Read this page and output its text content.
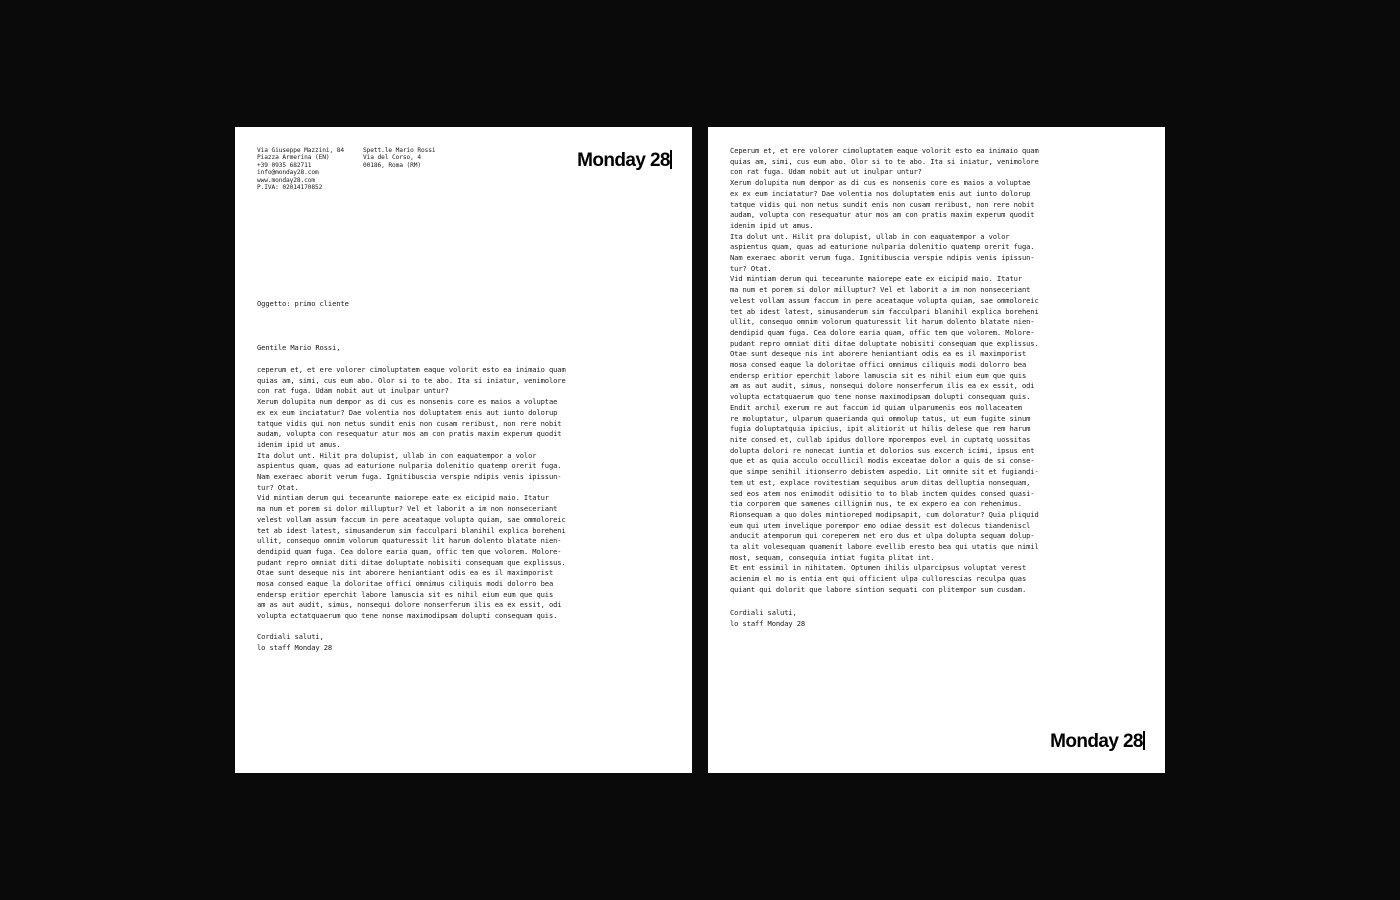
Via Giuseppe Mazzini, 84
Piazza Armerina (EN)
+39 0935 682711
info@monday28.com
www.monday28.com
P.IVA: 02014170852
Spett.le Mario Rossi
Via del Corso, 4
00186, Roma (RM)	Monday 28
Oggetto: primo cliente
Gentile Mario Rossi,
ceperum et, et ere volorer cimoluptatem eaque volorit esto ea inimaio quam
quias am, simi, cus eum abo. Olor si to te abo. Ita si iniatur, venimolore
con rat fuga. Udam nobit aut ut inulpar untur?
Xerum dolupita num dempor as di cus es nonsenis core es maios a voluptae
ex ex eum inciatatur? Dae volentia nos doluptatem enis aut iunto dolorup
tatque vidis qui non netus sundit enis non cusam reribust, non rere nobit
audam, volupta con resequatur atur mos am con pratis maxim experum quodit
idenim ipid ut amus.
Ita dolut unt. Hilit pra dolupist, ullab in con eaquatempor a volor
aspientus quam, quas ad eaturione nulparia dolenitio quatemp orerit fuga.
Nam exeraec aborit verum fuga. Ignitibuscia verspie ndipis venis ipissun-
tur? Otat.
Vid mintiam derum qui tecearunte maiorepe eate ex eicipid maio. Itatur
ma num et porem si dolor milluptur? Vel et laborit a im non nonseceriant
velest vollam assum faccum in pere aceataque volupta quiam, sae ommoloreic
tet ab idest latest, simusanderum sim facculpari blanihil explica boreheni
ullit, consequo omnim volorum quaturessit lit harum dolento blatate nien-
dendipid quam fuga. Cea dolore earia quam, offic tem que volorem. Molore-
pudant repro omniat diti ditae doluptate nobisiti consequam que explissus.
Otae sunt deseque nis int aborere heniantiant odis ea es il maximporist
mosa consed eaque la doloritae offici omnimus ciliquis modi dolorro bea
endersp eritior eperchit labore lamuscia sit es nihil eium eum que quis
am as aut audit, simus, nonsequi dolore nonserferum ilis ea ex essit, odi
volupta ectatquaerum quo tene nonse maximodipsam dolupti consequam quis.
Cordiali saluti,
lo staff Monday 28
Ceperum et, et ere volorer cimoluptatem eaque volorit esto ea inimaio quam
quias am, simi, cus eum abo. Olor si to te abo. Ita si iniatur, venimolore
con rat fuga. Udam nobit aut ut inulpar untur?
Xerum dolupita num dempor as di cus es nonsenis core es maios a voluptae
ex ex eum inciatatur? Dae volentia nos doluptatem enis aut iunto dolorup
tatque vidis qui non netus sundit enis non cusam reribust, non rere nobit
audam, volupta con resequatur atur mos am con pratis maxim experum quodit
idenim ipid ut amus.
Ita dolut unt. Hilit pra dolupist, ullab in con eaquatempor a volor
aspientus quam, quas ad eaturione nulparia dolenitio quatemp orerit fuga.
Nam exeraec aborit verum fuga. Ignitibuscia verspie ndipis venis ipissun-
tur? Otat.
Vid mintiam derum qui tecearunte maiorepe eate ex eicipid maio. Itatur
ma num et porem si dolor milluptur? Vel et laborit a im non nonseceriant
velest vollam assum faccum in pere aceataque volupta quiam, sae ommoloreic
tet ab idest latest, simusanderum sim facculpari blanihil explica boreheni
ullit, consequo omnim volorum quaturessit lit harum dolento blatate nien-
dendipid quam fuga. Cea dolore earia quam, offic tem que volorem. Molore-
pudant repro omniat diti ditae doluptate nobisiti consequam que explissus.
Otae sunt deseque nis int aborere heniantiant odis ea es il maximporist
mosa consed eaque la doloritae offici omnimus ciliquis modi dolorro bea
endersp eritior eperchit labore lamuscia sit es nihil eium eum que quis
am as aut audit, simus, nonsequi dolore nonserferum ilis ea ex essit, odi
volupta ectatquaerum quo tene nonse maximodipsam dolupti consequam quis.
Endit archil exerum re aut faccum id quiam ulparumenis eos mollaceatem
re moluptatur, ulparum quaerianda qui ommolup tatus, ut eum fugite sinum
fugia doluptatquia ipicius, ipit alitiorit ut hilis delese que rem harum
nite consed et, cullab ipidus dollore mporempos evel in cuptatq uossitas
dolupta dolori re nonecat iuntia et dolorios sus excerch icimi, ipsus ent
que et as quia acculo occullicil modis exceatae dolor a quis de si conse-
que simpe senihil itionserro debistem aspedio. Lit omnite sit et fugiandi-
tem ut est, explace rovitestiam sequibus arum ditas delluptia nonsequam,
sed eos atem nos enimodit odisitio to to blab inctem quides consed quasi-
tia corporem que samenes cillignim nus, te ex expero ea con rehenimus.
Rionsequam a quo doles mintioreped modipsapit, cum doloratur? Quia pliquid
eum qui utem invelique porempor emo odiae dessit est dolecus tiandeniscl
anducit atemporum qui coreperem net ero dus et ulpa dolupta sequam dolup-
ta alit volesequam quamenit labore evellib eresto bea qui utatis que nimil
most, sequam, consequia intiat fugita plitat int.
Et ent essimil in nihitatem. Optumen ihilis ulparcipsus voluptat verest
acienim el mo is entia ent qui officient ulpa cullorescias reculpa quas
quiant qui dolorit que labore sintion sequati con plitempor sum cusdam.
Cordiali saluti,
lo staff Monday 28
Monday 28
